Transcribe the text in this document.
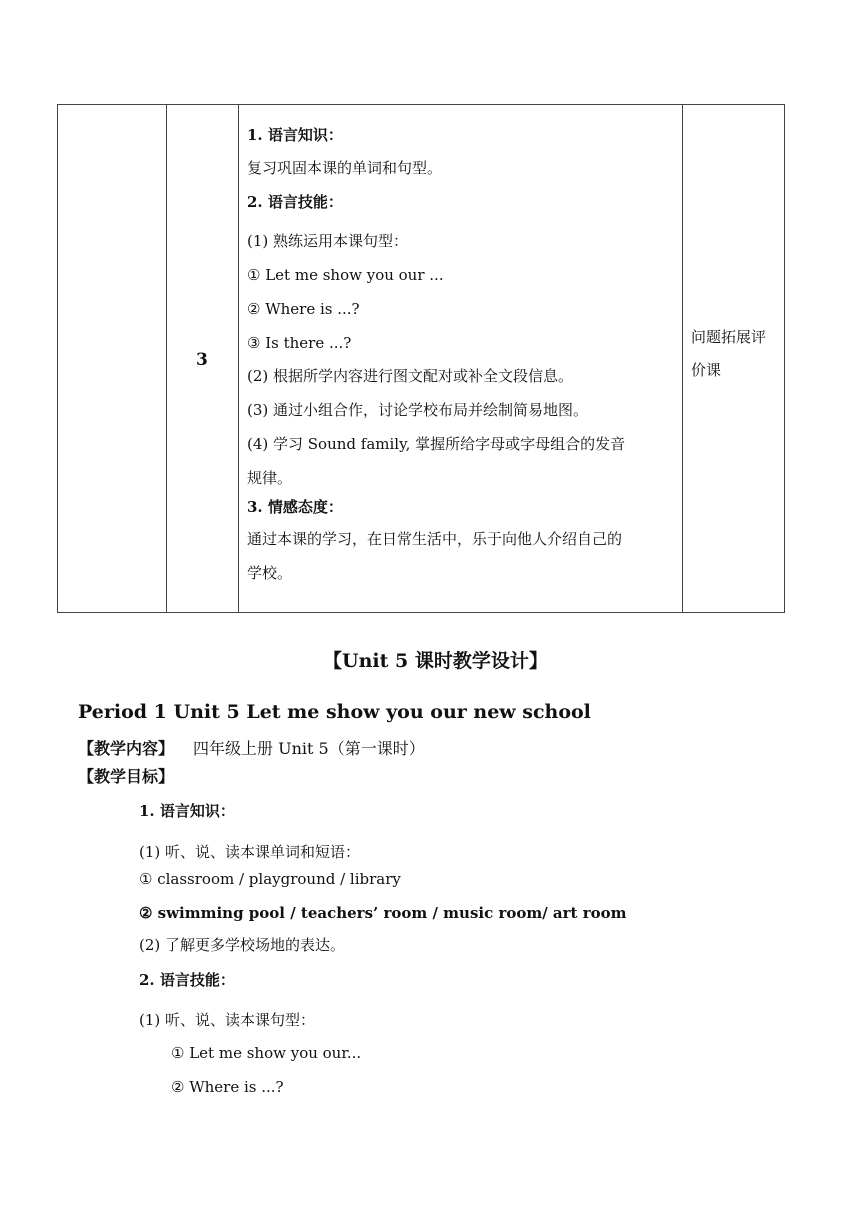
3
1. 语言知识：
复习巩固本课的单词和句型。
2. 语言技能：
(1) 熟练运用本课句型：
① Let me show you our ...
② Where is ...?
③ Is there ...?
(2) 根据所学内容进行图文配对或补全文段信息。
(3) 通过小组合作，讨论学校布局并绘制简易地图。
(4) 学习 Sound family, 掌握所给字母或字母组合的发音
规律。
3. 情感态度：
通过本课的学习，在日常生活中，乐于向他人介绍自己的
学校。
问题拓展评
价课
【Unit 5 课时教学设计】
Period 1 Unit 5 Let me show you our new school
【教学内容】 四年级上册 Unit 5（第一课时）
【教学目标】
1. 语言知识：
(1) 听、说、读本课单词和短语：
① classroom / playground / library
② swimming pool / teachers’ room / music room/ art room
(2) 了解更多学校场地的表达。
2. 语言技能：
(1) 听、说、读本课句型：
① Let me show you our...
② Where is ...?
